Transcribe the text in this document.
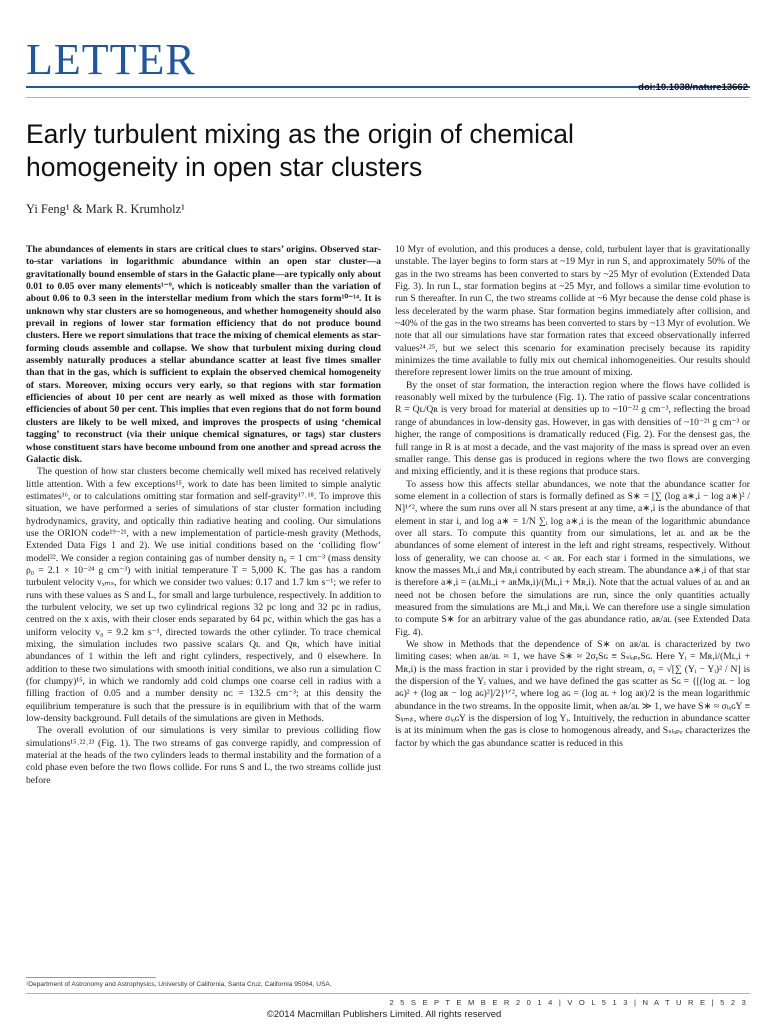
LETTER
doi:10.1038/nature13662
Early turbulent mixing as the origin of chemical
homogeneity in open star clusters
Yi Feng¹ & Mark R. Krumholz¹

The abundances of elements in stars are critical clues to stars’ origins. Observed star-to-star variations in logarithmic abundance within an open star cluster—a gravitationally bound ensemble of stars in the Galactic plane—are typically only about 0.01 to 0.05 over many elements¹⁻⁹, which is noticeably smaller than the variation of about 0.06 to 0.3 seen in the interstellar medium from which the stars form¹⁰⁻¹⁴. It is unknown why star clusters are so homogeneous, and whether homogeneity should also prevail in regions of lower star formation efficiency that do not produce bound clusters. Here we report simulations that trace the mixing of chemical elements as star-forming clouds assemble and collapse. We show that turbulent mixing during cloud assembly naturally produces a stellar abundance scatter at least five times smaller than that in the gas, which is sufficient to explain the observed chemical homogeneity of stars. Moreover, mixing occurs very early, so that regions with star formation efficiencies of about 10 per cent are nearly as well mixed as those with formation efficiencies of about 50 per cent. This implies that even regions that do not form bound clusters are likely to be well mixed, and improves the prospects of using ‘chemical tagging’ to reconstruct (via their unique chemical signatures, or tags) star clusters whose constituent stars have become unbound from one another and spread across the Galactic disk.

The question of how star clusters become chemically well mixed has received relatively little attention. With a few exceptions¹⁵, work to date has been limited to simple analytic estimates¹⁶, or to calculations omitting star formation and self-gravity¹⁷˒¹⁸. To improve this situation, we have performed a series of simulations of star cluster formation including hydrodynamics, gravity, and optically thin radiative heating and cooling. Our simulations use the ORION code¹⁹⁻²¹, with a new implementation of particle-mesh gravity (Methods, Extended Data Figs 1 and 2). We use initial conditions based on the ‘colliding flow’ model²². We consider a region containing gas of number density n₀ = 1 cm⁻³ (mass density ρ₀ = 2.1 × 10⁻²⁴ g cm⁻³) with initial temperature T = 5,000 K. The gas has a random turbulent velocity vₓₘₛ, for which we consider two values: 0.17 and 1.7 km s⁻¹; we refer to runs with these values as S and L, for small and large turbulence, respectively. In addition to the turbulent velocity, we set up two cylindrical regions 32 pc long and 32 pc in radius, centred on the x axis, with their closer ends separated by 64 pc, within which the gas has a uniform velocity v₀ = 9.2 km s⁻¹, directed towards the other cylinder. To trace chemical mixing, the simulation includes two passive scalars Qʟ and Qʀ, which have initial abundances of 1 within the left and right cylinders, respectively, and 0 elsewhere. In addition to these two simulations with smooth initial conditions, we also run a simulation C (for clumpy)¹⁵, in which we randomly add cold clumps one coarse cell in radius with a filling fraction of 0.05 and a number density nᴄ = 132.5 cm⁻³; at this density the equilibrium temperature is such that the pressure is in equilibrium with that of the warm low-density background. Full details of the simulations are given in Methods.

The overall evolution of our simulations is very similar to previous colliding flow simulations¹⁵˒²²˒²³ (Fig. 1). The two streams of gas converge rapidly, and compression of material at the heads of the two cylinders leads to thermal instability and the formation of a cold phase even before the two flows collide. For runs S and L, the two streams collide just before

10 Myr of evolution, and this produces a dense, cold, turbulent layer that is gravitationally unstable. The layer begins to form stars at ~19 Myr in run S, and approximately 50% of the gas in the two streams has been converted to stars by ~25 Myr of evolution (Extended Data Fig. 3). In run L, star formation begins at ~25 Myr, and follows a similar time evolution to run S thereafter. In run C, the two streams collide at ~6 Myr because the dense cold phase is less decelerated by the warm phase. Star formation begins immediately after collision, and ~40% of the gas in the two streams has been converted to stars by ~13 Myr of evolution. We note that all our simulations have star formation rates that exceed observationally inferred values²⁴˒²⁵, but we select this scenario for examination precisely because its rapidity minimizes the time available to fully mix out chemical inhomogeneities. Our results should therefore represent lower limits on the true amount of mixing.

By the onset of star formation, the interaction region where the flows have collided is reasonably well mixed by the turbulence (Fig. 1). The ratio of passive scalar concentrations R = Qʟ/Qʀ is very broad for material at densities up to ~10⁻²² g cm⁻³, reflecting the broad range of abundances in low-density gas. However, in gas with densities of ~10⁻²¹ g cm⁻³ or higher, the range of compositions is dramatically reduced (Fig. 2). For the densest gas, the full range in R is at most a decade, and the vast majority of the mass is spread over an even smaller range. This dense gas is produced in regions where the two flows are converging and mixing efficiently, and it is these regions that produce stars.

To assess how this affects stellar abundances, we note that the abundance scatter for some element in a collection of stars is formally defined as S∗ = [∑ (log a∗,i − log a∗)² / N]¹ᐟ², where the sum runs over all N stars present at any time, a∗,i is the abundance of that element in star i, and log a∗ = 1/N ∑ᵢ log a∗,i is the mean of the logarithmic abundance over all stars. To compute this quantity from our simulations, let aʟ and aʀ be the abundances of some element of interest in the left and right streams, respectively. Without loss of generality, we can choose aʟ < aʀ. For each star i formed in the simulations, we know the masses Mʟ,i and Mʀ,i contributed by each stream. The abundance a∗,i of that star is therefore a∗,i = (aʟMʟ,i + aʀMʀ,i)/(Mʟ,i + Mʀ,i). Note that the actual values of aʟ and aʀ need not be chosen before the simulations are run, since the only quantities actually measured from the simulations are Mʟ,i and Mʀ,i. We can therefore use a single simulation to compute S∗ for an arbitrary value of the gas abundance ratio, aʀ/aʟ (see Extended Data Fig. 4).

We show in Methods that the dependence of S∗ on aʀ/aʟ is characterized by two limiting cases: when aʀ/aʟ ≈ 1, we have S∗ ≈ 2σᵧSɢ ≡ SₛₗₒₚₑSɢ. Here Yᵢ = Mʀ,i/(Mʟ,i + Mʀ,i) is the mass fraction in star i provided by the right stream, σᵧ = √[∑ (Yᵢ − Yᵢ)² / N] is the dispersion of the Yᵢ values, and we have defined the gas scatter as Sɢ = {[(log aʟ − log aɢ)² + (log aʀ − log aɢ)²]/2}¹ᐟ², where log aɢ = (log aʟ + log aʀ)/2 is the mean logarithmic abundance in the two streams. In the opposite limit, when aʀ/aʟ ≫ 1, we have S∗ ≈ σₗₒɢY ≡ Sₗᵢₘᵢₜ, where σₗₒɢY is the dispersion of log Yᵢ. Intuitively, the reduction in abundance scatter is at its minimum when the gas is close to homogenous already, and Sₛₗₒₚₑ characterizes the factor by which the gas abundance scatter is reduced in this

¹Department of Astronomy and Astrophysics, University of California, Santa Cruz, California 95064, USA.
2 5 S E P T E M B E R 2 0 1 4 | V O L 5 1 3 | N A T U R E | 5 2 3
©2014 Macmillan Publishers Limited. All rights reserved
